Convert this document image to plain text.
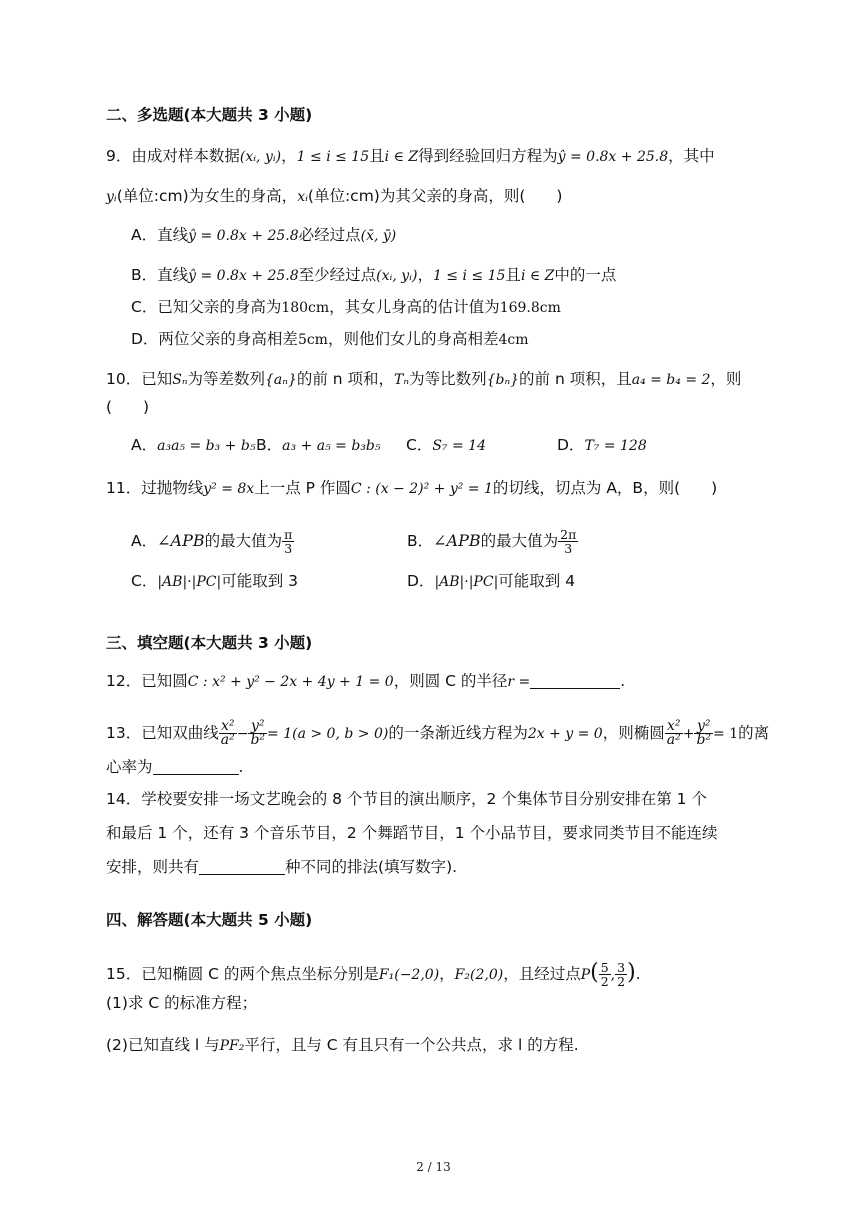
二、多选题(本大题共 3 小题)
9．由成对样本数据(xᵢ, yᵢ)，1 ≤ i ≤ 15且i ∈ Z得到经验回归方程为ŷ = 0.8x + 25.8，其中
yᵢ(单位:cm)为女生的身高，xᵢ(单位:cm)为其父亲的身高，则(　　)
A．直线ŷ = 0.8x + 25.8必经过点(x̄, ȳ)
B．直线ŷ = 0.8x + 25.8至少经过点(xᵢ, yᵢ)，1 ≤ i ≤ 15且i ∈ Z中的一点
C．已知父亲的身高为180cm，其女儿身高的估计值为169.8cm
D．两位父亲的身高相差5cm，则他们女儿的身高相差4cm
10．已知Sₙ为等差数列{aₙ}的前 n 项和，Tₙ为等比数列{bₙ}的前 n 项积，且a₄ = b₄ = 2，则
(　　)
A．a₃a₅ = b₃ + b₅ B．a₃ + a₅ = b₃b₅ C．S₇ = 14	D．T₇ = 128
11．过抛物线y² = 8x上一点 P 作圆C : (x − 2)² + y² = 1的切线，切点为 A，B，则(　　)
A．∠APB的最大值为 $\frac{\pi}{3}$	B．∠APB的最大值为 $\frac{2\pi}{3}$
C．|AB|·|PC|可能取到 3	D．|AB|·|PC|可能取到 4
三、填空题(本大题共 3 小题)
12．已知圆C : x² + y² − 2x + 4y + 1 = 0，则圆 C 的半径r =	.
13．已知双曲线 $\frac{\text{x²}}{\text{a²}} - \frac{\text{y²}}{\text{b²}} = 1(a > 0$, b > 0)的一条渐近线方程为2x + y = 0，则椭圆 $\frac{\text{x²}}{\text{a²}} + \frac{\text{y²}}{\text{b²}} = 1$的离
心率为	.
14．学校要安排一场文艺晚会的 8 个节目的演出顺序，2 个集体节目分别安排在第 1 个
和最后 1 个，还有 3 个音乐节目，2 个舞蹈节目，1 个小品节目，要求同类节目不能连续
安排，则共有	种不同的排法(填写数字).
四、解答题(本大题共 5 小题)
15．已知椭圆 C 的两个焦点坐标分别是F₁(−2,0)，F₂(2,0)，且经过点$P( \frac{5}{2}$ , $\frac{3}{2}$ ).
(1)求 C 的标准方程；
(2)已知直线 l 与PF₂平行，且与 C 有且只有一个公共点，求 l 的方程.
2 / 13
